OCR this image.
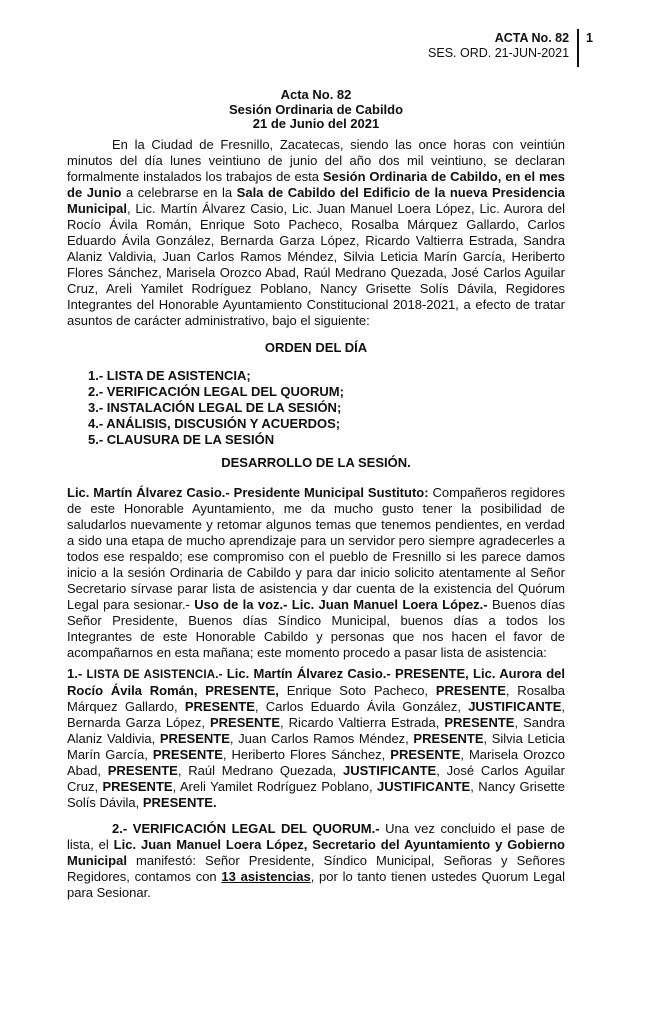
ACTA No. 82
SES. ORD. 21-JUN-2021
1
Acta No. 82
Sesión Ordinaria de Cabildo
21 de Junio del 2021

En la Ciudad de Fresnillo, Zacatecas, siendo las once horas con veintiún minutos del día lunes veintiuno de junio del año dos mil veintiuno, se declaran formalmente instalados los trabajos de esta Sesión Ordinaria de Cabildo, en el mes de Junio a celebrarse en la Sala de Cabildo del Edificio de la nueva Presidencia Municipal, Lic. Martín Álvarez Casio, Lic. Juan Manuel Loera López, Lic. Aurora del Rocío Ávila Román, Enrique Soto Pacheco, Rosalba Márquez Gallardo, Carlos Eduardo Ávila González, Bernarda Garza López, Ricardo Valtierra Estrada, Sandra Alaniz Valdivia, Juan Carlos Ramos Méndez, Silvia Leticia Marín García, Heriberto Flores Sánchez, Marisela Orozco Abad, Raúl Medrano Quezada, José Carlos Aguilar Cruz, Areli Yamilet Rodríguez Poblano, Nancy Grisette Solís Dávila, Regidores Integrantes del Honorable Ayuntamiento Constitucional 2018-2021, a efecto de tratar asuntos de carácter administrativo, bajo el siguiente:

ORDEN DEL DÍA
1.- LISTA DE ASISTENCIA;
2.- VERIFICACIÓN LEGAL DEL QUORUM;
3.- INSTALACIÓN LEGAL DE LA SESIÓN;
4.- ANÁLISIS, DISCUSIÓN Y ACUERDOS;
5.- CLAUSURA DE LA SESIÓN
DESARROLLO DE LA SESIÓN.

Lic. Martín Álvarez Casio.- Presidente Municipal Sustituto: Compañeros regidores de este Honorable Ayuntamiento, me da mucho gusto tener la posibilidad de saludarlos nuevamente y retomar algunos temas que tenemos pendientes, en verdad a sido una etapa de mucho aprendizaje para un servidor pero siempre agradecerles a todos ese respaldo; ese compromiso con el pueblo de Fresnillo si les parece damos inicio a la sesión Ordinaria de Cabildo y para dar inicio solicito atentamente al Señor Secretario sírvase parar lista de asistencia y dar cuenta de la existencia del Quórum Legal para sesionar.- Uso de la voz.- Lic. Juan Manuel Loera López.- Buenos días Señor Presidente, Buenos días Síndico Municipal, buenos días a todos los Integrantes de este Honorable Cabildo y personas que nos hacen el favor de acompañarnos en esta mañana; este momento procedo a pasar lista de asistencia:

1.- LISTA DE ASISTENCIA.- Lic. Martín Álvarez Casio.- PRESENTE, Lic. Aurora del Rocío Ávila Román, PRESENTE, Enrique Soto Pacheco, PRESENTE, Rosalba Márquez Gallardo, PRESENTE, Carlos Eduardo Ávila González, JUSTIFICANTE, Bernarda Garza López, PRESENTE, Ricardo Valtierra Estrada, PRESENTE, Sandra Alaniz Valdivia, PRESENTE, Juan Carlos Ramos Méndez, PRESENTE, Silvia Leticia Marín García, PRESENTE, Heriberto Flores Sánchez, PRESENTE, Marisela Orozco Abad, PRESENTE, Raúl Medrano Quezada, JUSTIFICANTE, José Carlos Aguilar Cruz, PRESENTE, Areli Yamilet Rodríguez Poblano, JUSTIFICANTE, Nancy Grisette Solís Dávila, PRESENTE.

2.- VERIFICACIÓN LEGAL DEL QUORUM.- Una vez concluido el pase de lista, el Lic. Juan Manuel Loera López, Secretario del Ayuntamiento y Gobierno Municipal manifestó: Señor Presidente, Síndico Municipal, Señoras y Señores Regidores, contamos con 13 asistencias, por lo tanto tienen ustedes Quorum Legal para Sesionar.
